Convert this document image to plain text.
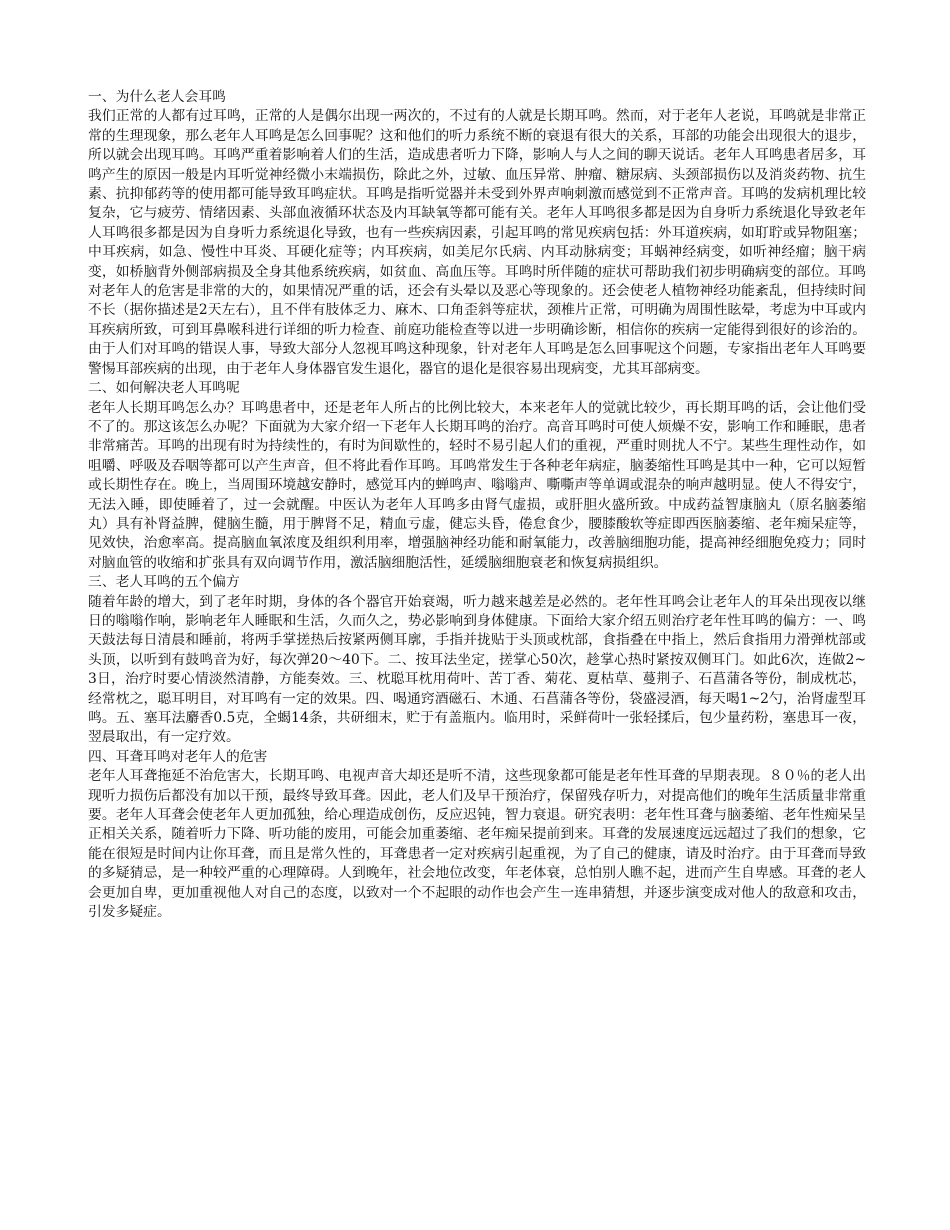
一、为什么老人会耳鸣

我们正常的人都有过耳鸣，正常的人是偶尔出现一两次的，不过有的人就是长期耳鸣。然而，对于老年人老说，耳鸣就是非常正常的生理现象，那么老年人耳鸣是怎么回事呢？这和他们的听力系统不断的衰退有很大的关系，耳部的功能会出现很大的退步，所以就会出现耳鸣。耳鸣严重着影响着人们的生活，造成患者听力下降，影响人与人之间的聊天说话。老年人耳鸣患者居多，耳鸣产生的原因一般是内耳听觉神经微小末端损伤，除此之外，过敏、血压异常、肿瘤、糖尿病、头颈部损伤以及消炎药物、抗生素、抗抑郁药等的使用都可能导致耳鸣症状。耳鸣是指听觉器并未受到外界声响刺激而感觉到不正常声音。耳鸣的发病机理比较复杂，它与疲劳、情绪因素、头部血液循环状态及内耳缺氧等都可能有关。老年人耳鸣很多都是因为自身听力系统退化导致老年人耳鸣很多都是因为自身听力系统退化导致，也有一些疾病因素，引起耳鸣的常见疾病包括：外耳道疾病，如耵聍或异物阻塞；中耳疾病，如急、慢性中耳炎、耳硬化症等；内耳疾病，如美尼尔氏病、内耳动脉病变；耳蜗神经病变，如听神经瘤；脑干病变，如桥脑背外侧部病损及全身其他系统疾病，如贫血、高血压等。耳鸣时所伴随的症状可帮助我们初步明确病变的部位。耳鸣对老年人的危害是非常的大的，如果情况严重的话，还会有头晕以及恶心等现象的。还会使老人植物神经功能紊乱，但持续时间不长（据你描述是2天左右），且不伴有肢体乏力、麻木、口角歪斜等症状，颈椎片正常，可明确为周围性眩晕，考虑为中耳或内耳疾病所致，可到耳鼻喉科进行详细的听力检查、前庭功能检查等以进一步明确诊断，相信你的疾病一定能得到很好的诊治的。由于人们对耳鸣的错误人事，导致大部分人忽视耳鸣这种现象，针对老年人耳鸣是怎么回事呢这个问题，专家指出老年人耳鸣要警惕耳部疾病的出现，由于老年人身体器官发生退化，器官的退化是很容易出现病变，尤其耳部病变。

二、如何解决老人耳鸣呢

老年人长期耳鸣怎么办？耳鸣患者中，还是老年人所占的比例比较大，本来老年人的觉就比较少，再长期耳鸣的话，会让他们受不了的。那这该怎么办呢？下面就为大家介绍一下老年人长期耳鸣的治疗。高音耳鸣时可使人烦燥不安，影响工作和睡眠，患者非常痛苦。耳鸣的出现有时为持续性的，有时为间歇性的，轻时不易引起人们的重视，严重时则扰人不宁。某些生理性动作，如咀嚼、呼吸及吞咽等都可以产生声音，但不将此看作耳鸣。耳鸣常发生于各种老年病症，脑萎缩性耳鸣是其中一种，它可以短暂或长期性存在。晚上，当周围环境越安静时，感觉耳内的蝉鸣声、嗡嗡声、嘶嘶声等单调或混杂的响声越明显。使人不得安宁，无法入睡，即使睡着了，过一会就醒。中医认为老年人耳鸣多由肾气虚损，或肝胆火盛所致。中成药益智康脑丸（原名脑萎缩丸）具有补肾益脾，健脑生髓，用于脾肾不足，精血亏虚，健忘头昏，倦怠食少，腰膝酸软等症即西医脑萎缩、老年痴呆症等，见效快，治愈率高。提高脑血氧浓度及组织利用率，增强脑神经功能和耐氧能力，改善脑细胞功能，提高神经细胞免疫力；同时对脑血管的收缩和扩张具有双向调节作用，激活脑细胞活性，延缓脑细胞衰老和恢复病损组织。

三、老人耳鸣的五个偏方

随着年龄的增大，到了老年时期，身体的各个器官开始衰竭，听力越来越差是必然的。老年性耳鸣会让老年人的耳朵出现夜以继日的嗡嗡作响，影响老年人睡眠和生活，久而久之，势必影响到身体健康。下面给大家介绍五则治疗老年性耳鸣的偏方：一、鸣天鼓法每日清晨和睡前，将两手掌搓热后按紧两侧耳廓，手指并拢贴于头顶或枕部，食指叠在中指上，然后食指用力滑弹枕部或头顶，以听到有鼓鸣音为好，每次弹20～40下。二、按耳法坐定，搓掌心50次，趁掌心热时紧按双侧耳门。如此6次，连做2~3日，治疗时要心情淡然清静，方能奏效。三、枕聪耳枕用荷叶、苦丁香、菊花、夏枯草、蔓荆子、石菖蒲各等份，制成枕芯，经常枕之，聪耳明目，对耳鸣有一定的效果。四、喝通窍酒磁石、木通、石菖蒲各等份，袋盛浸酒，每天喝1~2勺，治肾虚型耳鸣。五、塞耳法麝香0.5克，全蝎14条，共研细末，贮于有盖瓶内。临用时，采鲜荷叶一张轻揉后，包少量药粉，塞患耳一夜，翌晨取出，有一定疗效。

四、耳聋耳鸣对老年人的危害

老年人耳聋拖延不治危害大，长期耳鸣、电视声音大却还是听不清，这些现象都可能是老年性耳聋的早期表现。８０％的老人出现听力损伤后都没有加以干预，最终导致耳聋。因此，老人们及早干预治疗，保留残存听力，对提高他们的晚年生活质量非常重要。老年人耳聋会使老年人更加孤独，给心理造成创伤，反应迟钝，智力衰退。研究表明：老年性耳聋与脑萎缩、老年性痴呆呈正相关关系，随着听力下降、听功能的废用，可能会加重萎缩、老年痴呆提前到来。耳聋的发展速度远远超过了我们的想象，它能在很短是时间内让你耳聋，而且是常久性的，耳聋患者一定对疾病引起重视，为了自己的健康，请及时治疗。由于耳聋而导致的多疑猜忌，是一种较严重的心理障碍。人到晚年，社会地位改变，年老体衰，总怕别人瞧不起，进而产生自卑感。耳聋的老人会更加自卑，更加重视他人对自己的态度，以致对一个不起眼的动作也会产生一连串猜想，并逐步演变成对他人的敌意和攻击，引发多疑症。
